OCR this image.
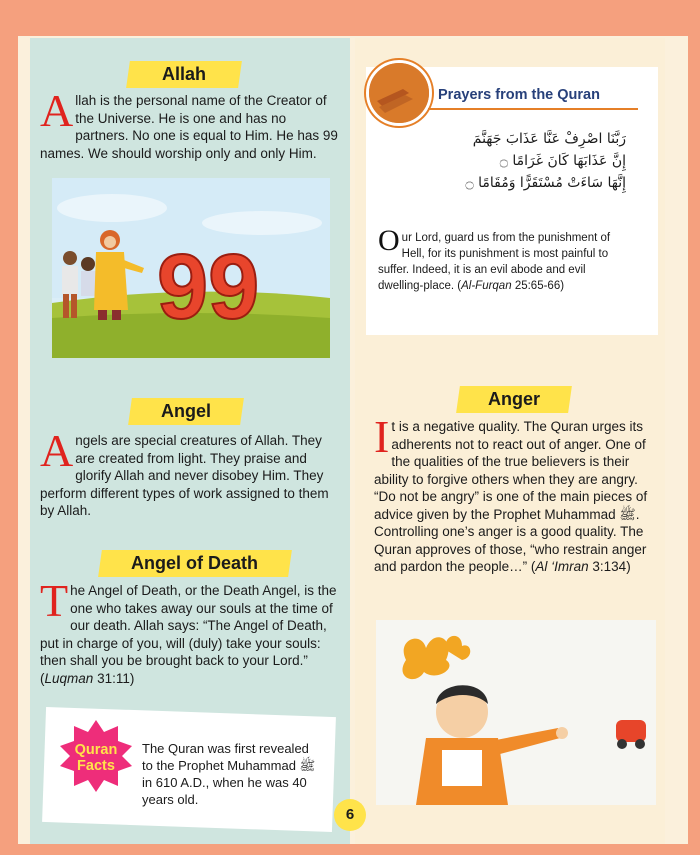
Allah
Allah is the personal name of the Creator of the Universe. He is one and has no partners. No one is equal to Him. He has 99 names. We should worship only and only Him.
99
Angel
Angels are special creatures of Allah. They are created from light. They praise and glorify Allah and never disobey Him. They perform different types of work assigned to them by Allah.
Angel of Death
The Angel of Death, or the Death Angel, is the one who takes away our souls at the time of our death. Allah says: “The Angel of Death, put in charge of you, will (duly) take your souls: then shall you be brought back to your Lord.” (Luqman 31:11)
Quran Facts
The Quran was first revealed to the Prophet Muhammad ﷺ in 610 A.D., when he was 40 years old.
6
Prayers from the Quran
رَبَّنَا اصْرِفْ عَنَّا عَذَابَ جَهَنَّمَ
إِنَّ عَذَابَهَا كَانَ غَرَامًا ۝
إِنَّهَا سَاءَتْ مُسْتَقَرًّا وَمُقَامًا ۝
Our Lord, guard us from the punishment of Hell, for its punishment is most painful to suffer. Indeed, it is an evil abode and evil dwelling-place. (Al-Furqan 25:65-66)
Anger
It is a negative quality. The Quran urges its adherents not to react out of anger. One of the qualities of the true believers is their ability to forgive others when they are angry. “Do not be angry” is one of the main pieces of advice given by the Prophet Muhammad ﷺ. Controlling one’s anger is a good quality. The Quran approves of those, “who restrain anger and pardon the people…” (Al ‘Imran 3:134)
